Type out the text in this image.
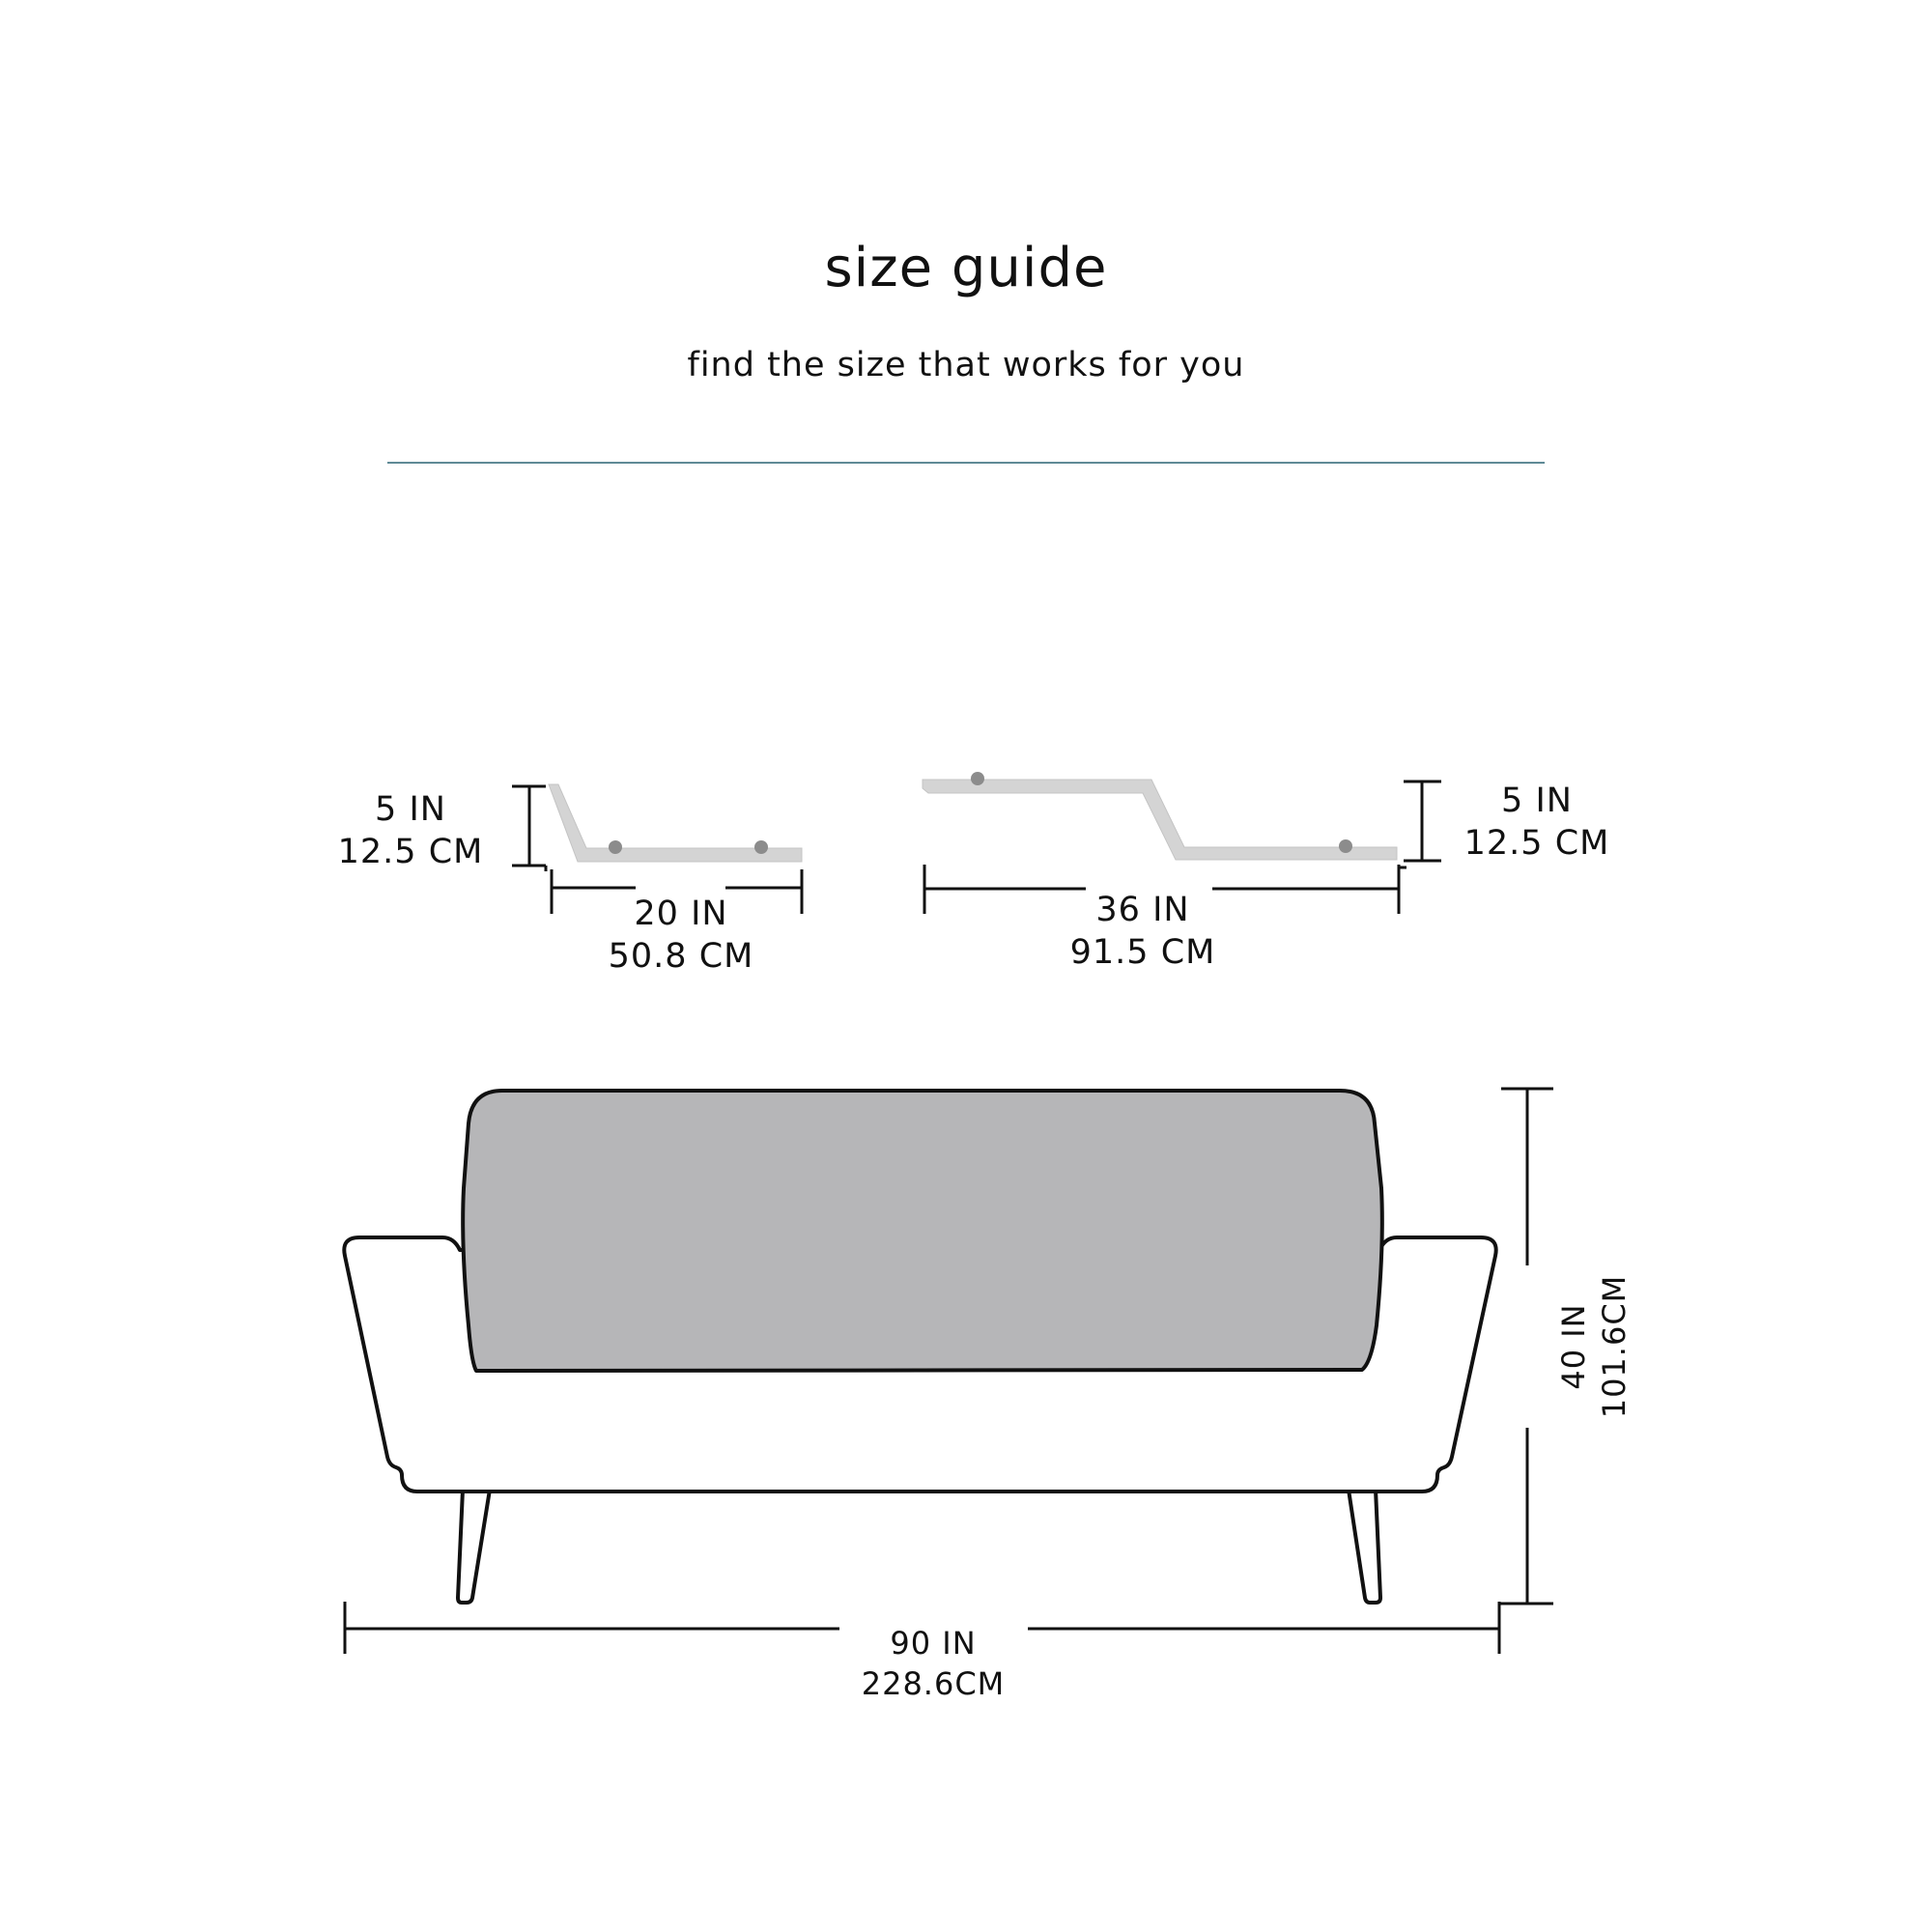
size guide

find the size that works for you

5 IN
12.5 CM
20 IN
50.8 CM
5 IN
12.5 CM
36 IN
91.5 CM
90 IN
228.6CM
40 IN 101.6CM
